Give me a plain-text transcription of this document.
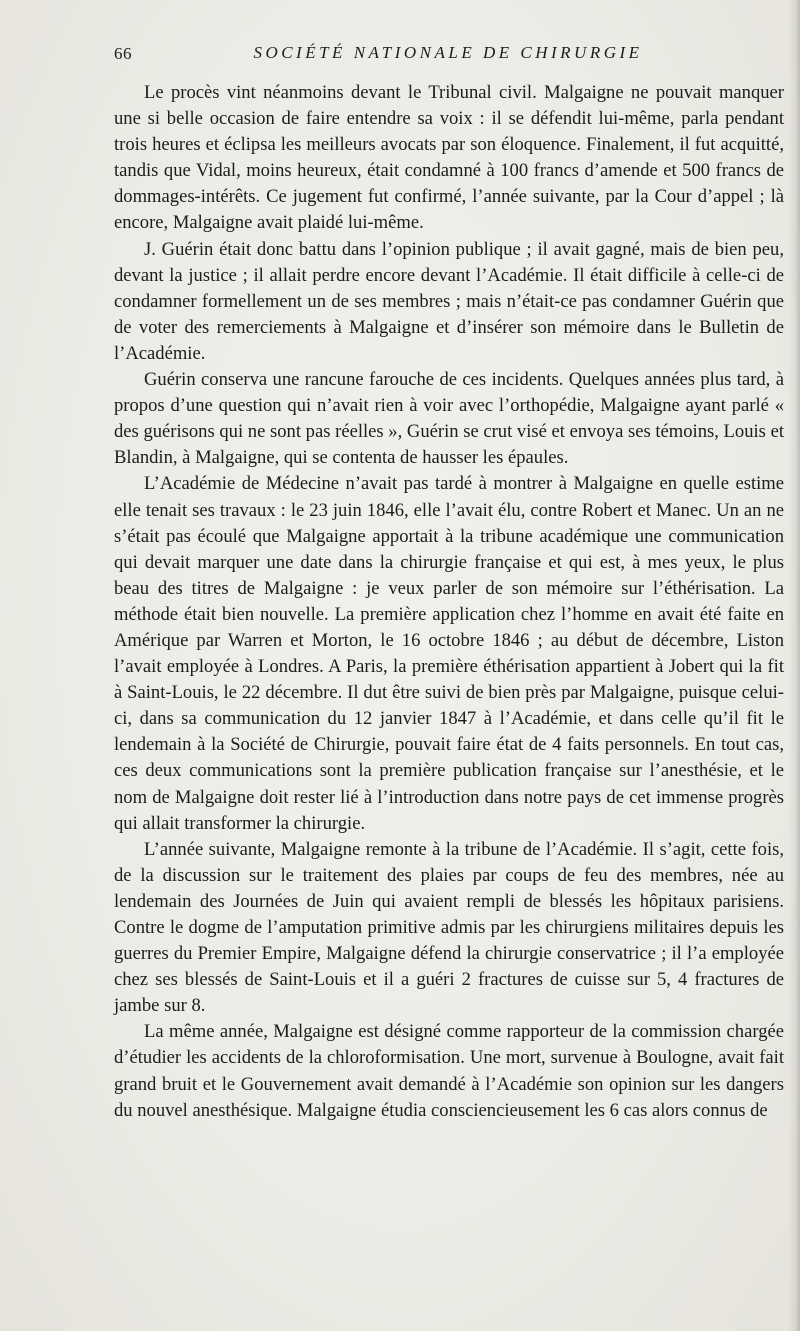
66	SOCIÉTÉ NATIONALE DE CHIRURGIE

Le procès vint néanmoins devant le Tribunal civil. Malgaigne ne pouvait manquer une si belle occasion de faire entendre sa voix : il se défendit lui-même, parla pendant trois heures et éclipsa les meilleurs avocats par son éloquence. Finalement, il fut acquitté, tandis que Vidal, moins heureux, était condamné à 100 francs d’amende et 500 francs de dommages-intérêts. Ce jugement fut confirmé, l’année suivante, par la Cour d’appel ; là encore, Malgaigne avait plaidé lui-même.

J. Guérin était donc battu dans l’opinion publique ; il avait gagné, mais de bien peu, devant la justice ; il allait perdre encore devant l’Académie. Il était difficile à celle-ci de condamner formellement un de ses membres ; mais n’était-ce pas condamner Guérin que de voter des remerciements à Malgaigne et d’insérer son mémoire dans le Bulletin de l’Académie.

Guérin conserva une rancune farouche de ces incidents. Quelques années plus tard, à propos d’une question qui n’avait rien à voir avec l’orthopédie, Malgaigne ayant parlé « des guérisons qui ne sont pas réelles », Guérin se crut visé et envoya ses témoins, Louis et Blandin, à Malgaigne, qui se contenta de hausser les épaules.

L’Académie de Médecine n’avait pas tardé à montrer à Malgaigne en quelle estime elle tenait ses travaux : le 23 juin 1846, elle l’avait élu, contre Robert et Manec. Un an ne s’était pas écoulé que Malgaigne apportait à la tribune académique une communication qui devait marquer une date dans la chirurgie française et qui est, à mes yeux, le plus beau des titres de Malgaigne : je veux parler de son mémoire sur l’éthérisation. La méthode était bien nouvelle. La première application chez l’homme en avait été faite en Amérique par Warren et Morton, le 16 octobre 1846 ; au début de décembre, Liston l’avait employée à Londres. A Paris, la première éthérisation appartient à Jobert qui la fit à Saint-Louis, le 22 décembre. Il dut être suivi de bien près par Malgaigne, puisque celui-ci, dans sa communication du 12 janvier 1847 à l’Académie, et dans celle qu’il fit le lendemain à la Société de Chirurgie, pouvait faire état de 4 faits personnels. En tout cas, ces deux communications sont la première publication française sur l’anesthésie, et le nom de Malgaigne doit rester lié à l’introduction dans notre pays de cet immense progrès qui allait transformer la chirurgie.

L’année suivante, Malgaigne remonte à la tribune de l’Académie. Il s’agit, cette fois, de la discussion sur le traitement des plaies par coups de feu des membres, née au lendemain des Journées de Juin qui avaient rempli de blessés les hôpitaux parisiens. Contre le dogme de l’amputation primitive admis par les chirurgiens militaires depuis les guerres du Premier Empire, Malgaigne défend la chirurgie conservatrice ; il l’a employée chez ses blessés de Saint-Louis et il a guéri 2 fractures de cuisse sur 5, 4 fractures de jambe sur 8.

La même année, Malgaigne est désigné comme rapporteur de la commission chargée d’étudier les accidents de la chloroformisation. Une mort, survenue à Boulogne, avait fait grand bruit et le Gouvernement avait demandé à l’Académie son opinion sur les dangers du nouvel anesthésique. Malgaigne étudia consciencieusement les 6 cas alors connus de
